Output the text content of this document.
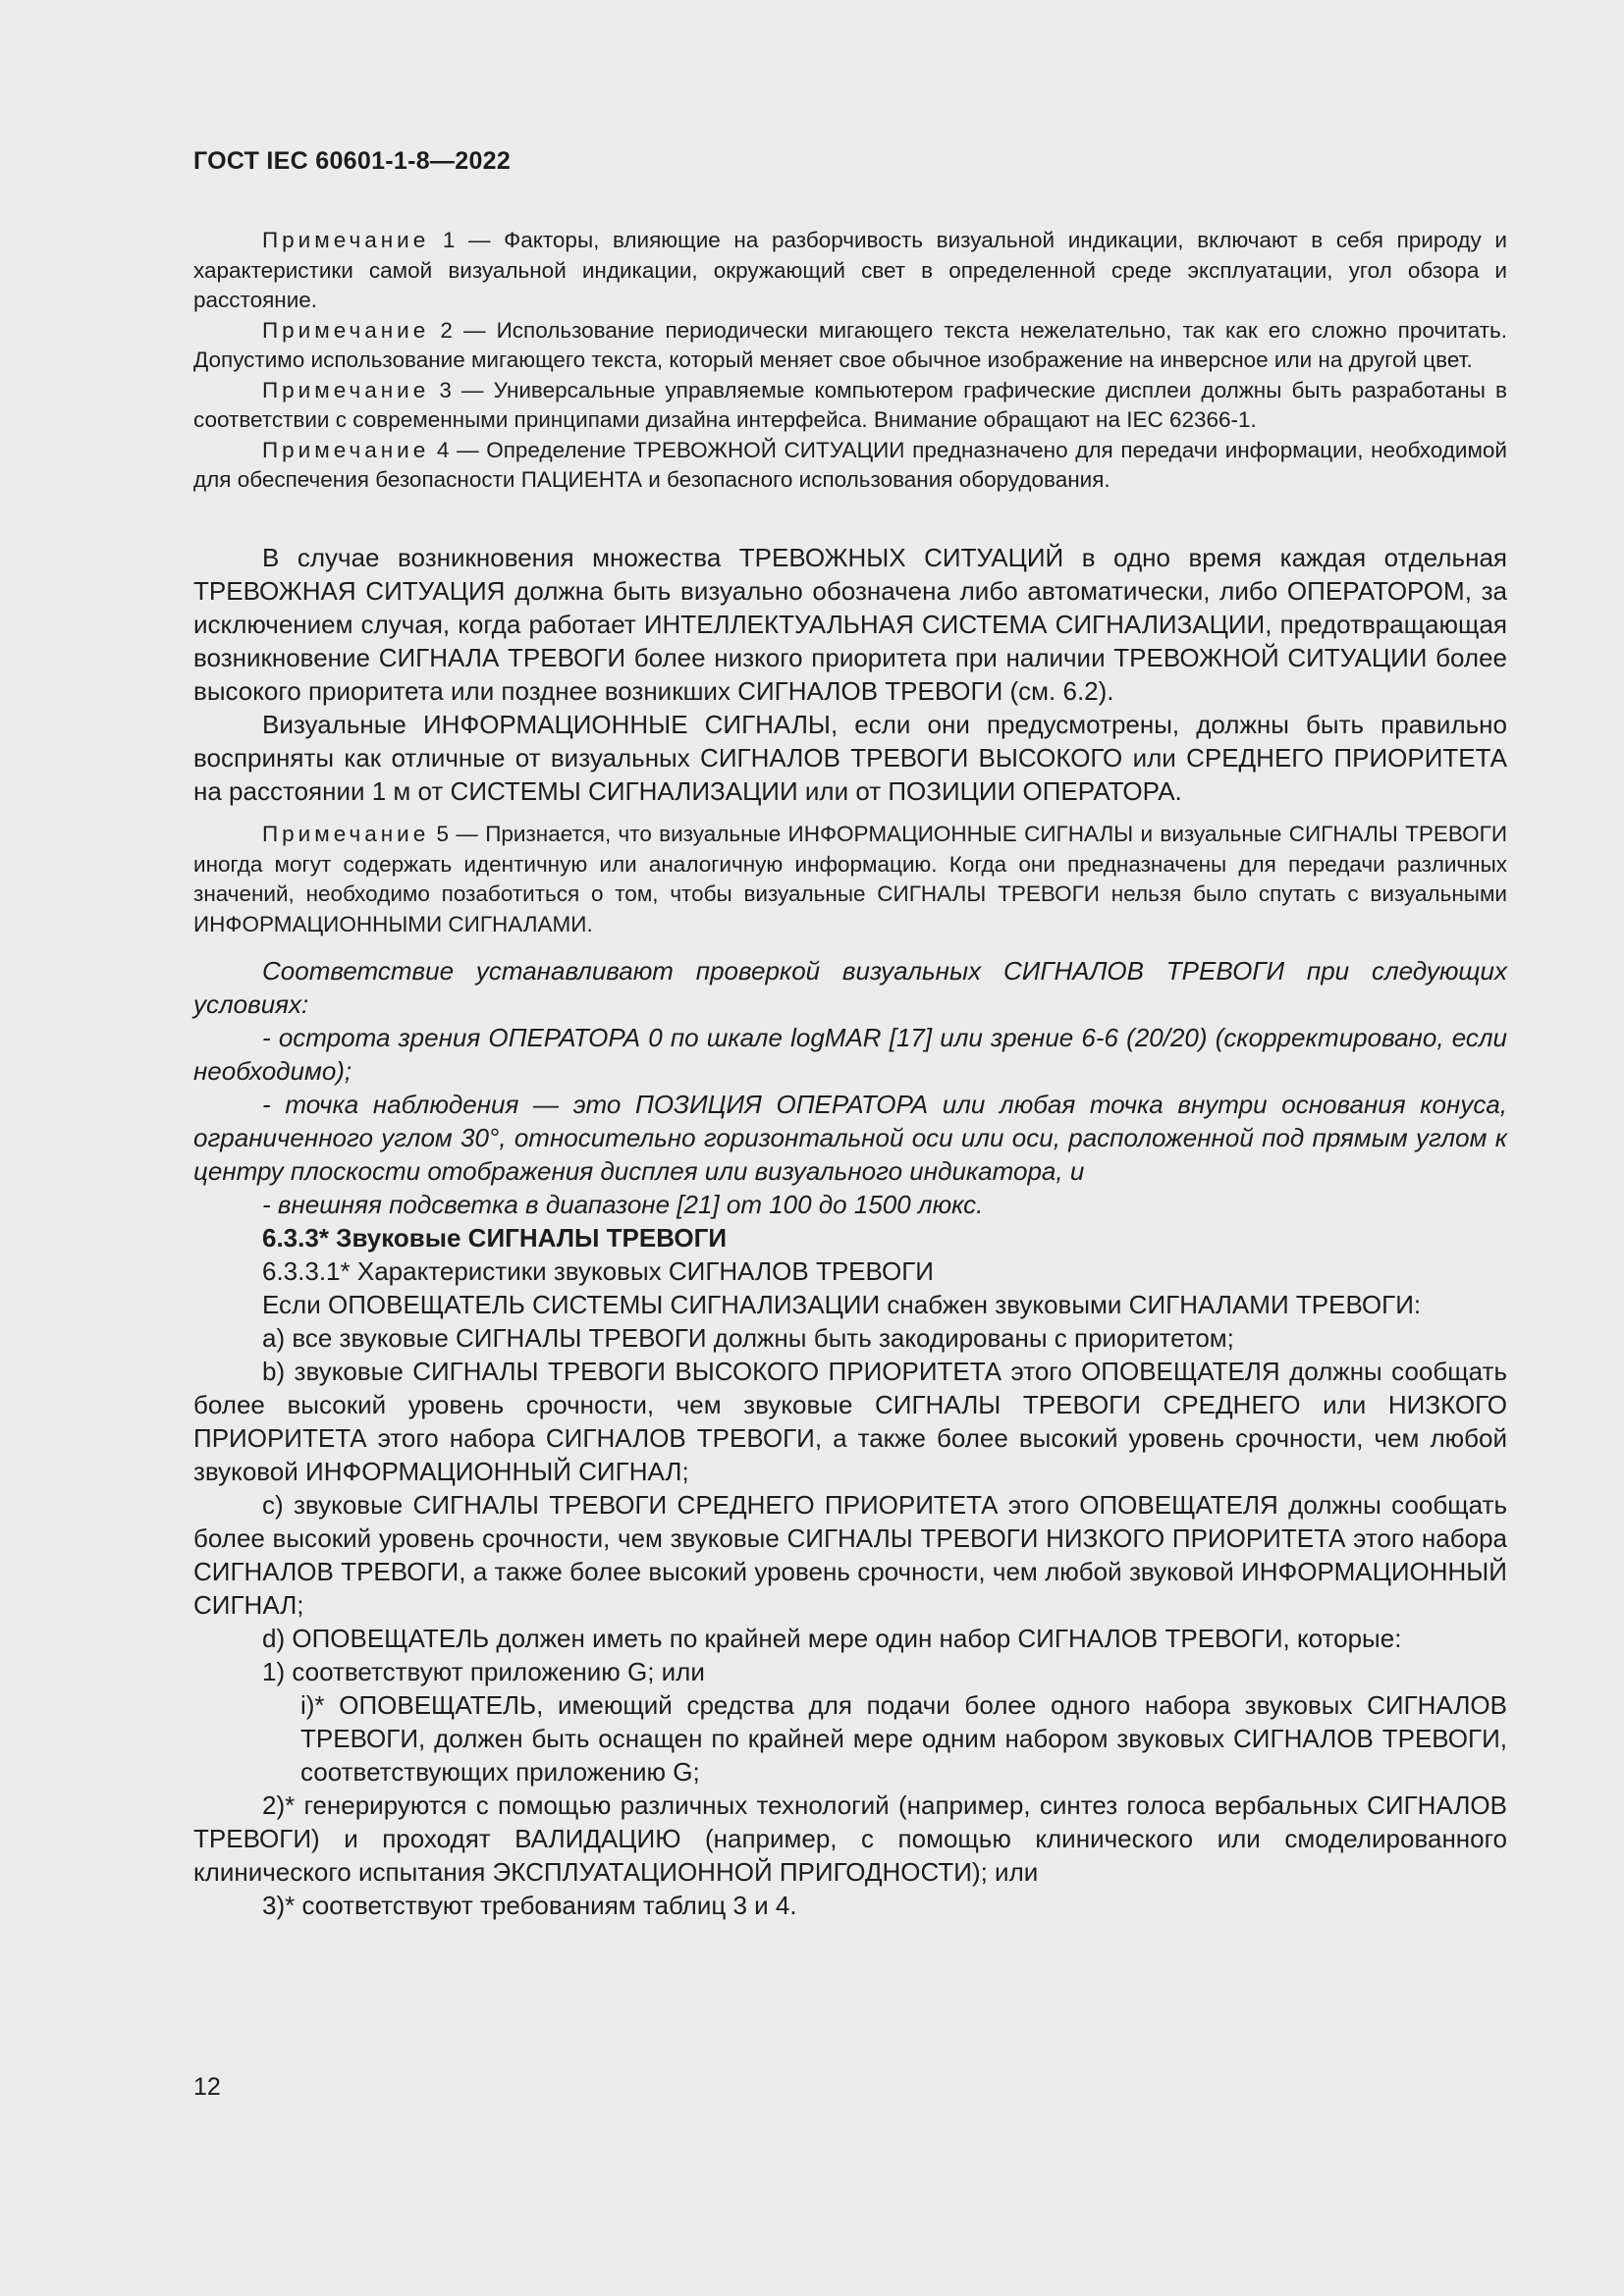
ГОСТ IEC 60601-1-8—2022

Примечание 1 — Факторы, влияющие на разборчивость визуальной индикации, включают в себя природу и характеристики самой визуальной индикации, окружающий свет в определенной среде эксплуатации, угол обзора и расстояние.

Примечание 2 — Использование периодически мигающего текста нежелательно, так как его сложно прочитать. Допустимо использование мигающего текста, который меняет свое обычное изображение на инверсное или на другой цвет.

Примечание 3 — Универсальные управляемые компьютером графические дисплеи должны быть разработаны в соответствии с современными принципами дизайна интерфейса. Внимание обращают на IEC 62366-1.

Примечание 4 — Определение ТРЕВОЖНОЙ СИТУАЦИИ предназначено для передачи информации, необходимой для обеспечения безопасности ПАЦИЕНТА и безопасного использования оборудования.

В случае возникновения множества ТРЕВОЖНЫХ СИТУАЦИЙ в одно время каждая отдельная ТРЕВОЖНАЯ СИТУАЦИЯ должна быть визуально обозначена либо автоматически, либо ОПЕРАТОРОМ, за исключением случая, когда работает ИНТЕЛЛЕКТУАЛЬНАЯ СИСТЕМА СИГНАЛИЗАЦИИ, предотвращающая возникновение СИГНАЛА ТРЕВОГИ более низкого приоритета при наличии ТРЕВОЖНОЙ СИТУАЦИИ более высокого приоритета или позднее возникших СИГНАЛОВ ТРЕВОГИ (см. 6.2).

Визуальные ИНФОРМАЦИОННЫЕ СИГНАЛЫ, если они предусмотрены, должны быть правильно восприняты как отличные от визуальных СИГНАЛОВ ТРЕВОГИ ВЫСОКОГО или СРЕДНЕГО ПРИОРИТЕТА на расстоянии 1 м от СИСТЕМЫ СИГНАЛИЗАЦИИ или от ПОЗИЦИИ ОПЕРАТОРА.

Примечание 5 — Признается, что визуальные ИНФОРМАЦИОННЫЕ СИГНАЛЫ и визуальные СИГНАЛЫ ТРЕВОГИ иногда могут содержать идентичную или аналогичную информацию. Когда они предназначены для передачи различных значений, необходимо позаботиться о том, чтобы визуальные СИГНАЛЫ ТРЕВОГИ нельзя было спутать с визуальными ИНФОРМАЦИОННЫМИ СИГНАЛАМИ.

Соответствие устанавливают проверкой визуальных СИГНАЛОВ ТРЕВОГИ при следующих условиях:

- острота зрения ОПЕРАТОРА 0 по шкале logMAR [17] или зрение 6-6 (20/20) (скорректировано, если необходимо);

- точка наблюдения — это ПОЗИЦИЯ ОПЕРАТОРА или любая точка внутри основания конуса, ограниченного углом 30°, относительно горизонтальной оси или оси, расположенной под прямым углом к центру плоскости отображения дисплея или визуального индикатора, и

- внешняя подсветка в диапазоне [21] от 100 до 1500 люкс.

6.3.3* Звуковые СИГНАЛЫ ТРЕВОГИ

6.3.3.1* Характеристики звуковых СИГНАЛОВ ТРЕВОГИ

Если ОПОВЕЩАТЕЛЬ СИСТЕМЫ СИГНАЛИЗАЦИИ снабжен звуковыми СИГНАЛАМИ ТРЕВОГИ:

a) все звуковые СИГНАЛЫ ТРЕВОГИ должны быть закодированы с приоритетом;

b) звуковые СИГНАЛЫ ТРЕВОГИ ВЫСОКОГО ПРИОРИТЕТА этого ОПОВЕЩАТЕЛЯ должны сообщать более высокий уровень срочности, чем звуковые СИГНАЛЫ ТРЕВОГИ СРЕДНЕГО или НИЗКОГО ПРИОРИТЕТА этого набора СИГНАЛОВ ТРЕВОГИ, а также более высокий уровень срочности, чем любой звуковой ИНФОРМАЦИОННЫЙ СИГНАЛ;

c) звуковые СИГНАЛЫ ТРЕВОГИ СРЕДНЕГО ПРИОРИТЕТА этого ОПОВЕЩАТЕЛЯ должны сообщать более высокий уровень срочности, чем звуковые СИГНАЛЫ ТРЕВОГИ НИЗКОГО ПРИОРИТЕТА этого набора СИГНАЛОВ ТРЕВОГИ, а также более высокий уровень срочности, чем любой звуковой ИНФОРМАЦИОННЫЙ СИГНАЛ;

d) ОПОВЕЩАТЕЛЬ должен иметь по крайней мере один набор СИГНАЛОВ ТРЕВОГИ, которые:

1) соответствуют приложению G; или

i)* ОПОВЕЩАТЕЛЬ, имеющий средства для подачи более одного набора звуковых СИГНАЛОВ ТРЕВОГИ, должен быть оснащен по крайней мере одним набором звуковых СИГНАЛОВ ТРЕВОГИ, соответствующих приложению G;

2)* генерируются с помощью различных технологий (например, синтез голоса вербальных СИГНАЛОВ ТРЕВОГИ) и проходят ВАЛИДАЦИЮ (например, с помощью клинического или смоделированного клинического испытания ЭКСПЛУАТАЦИОННОЙ ПРИГОДНОСТИ); или

3)* соответствуют требованиям таблиц 3 и 4.

12
